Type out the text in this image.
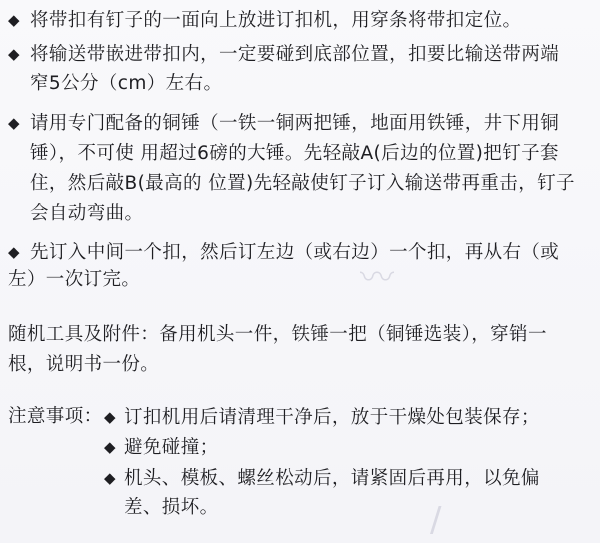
〰
/
◆ 将带扣有钉子的一面向上放进订扣机，用穿条将带扣定位。
◆ 将输送带嵌进带扣内，一定要碰到底部位置，扣要比输送带两端
窄5公分（cm）左右。
◆ 请用专门配备的铜锤（一铁一铜两把锤，地面用铁锤，井下用铜
锤），不可使 用超过6磅的大锤。先轻敲A(后边的位置)把钉子套
住，然后敲B(最高的 位置)先轻敲使钉子订入输送带再重击，钉子
会自动弯曲。
◆ 先订入中间一个扣，然后订左边（或右边）一个扣，再从右（或
左）一次订完。
随机工具及附件：备用机头一件，铁锤一把（铜锤选装），穿销一
根，说明书一份。
注意事项： ◆ 订扣机用后请清理干净后，放于干燥处包装保存；
◆ 避免碰撞；
◆ 机头、模板、螺丝松动后，请紧固后再用，以免偏
差、损坏。
